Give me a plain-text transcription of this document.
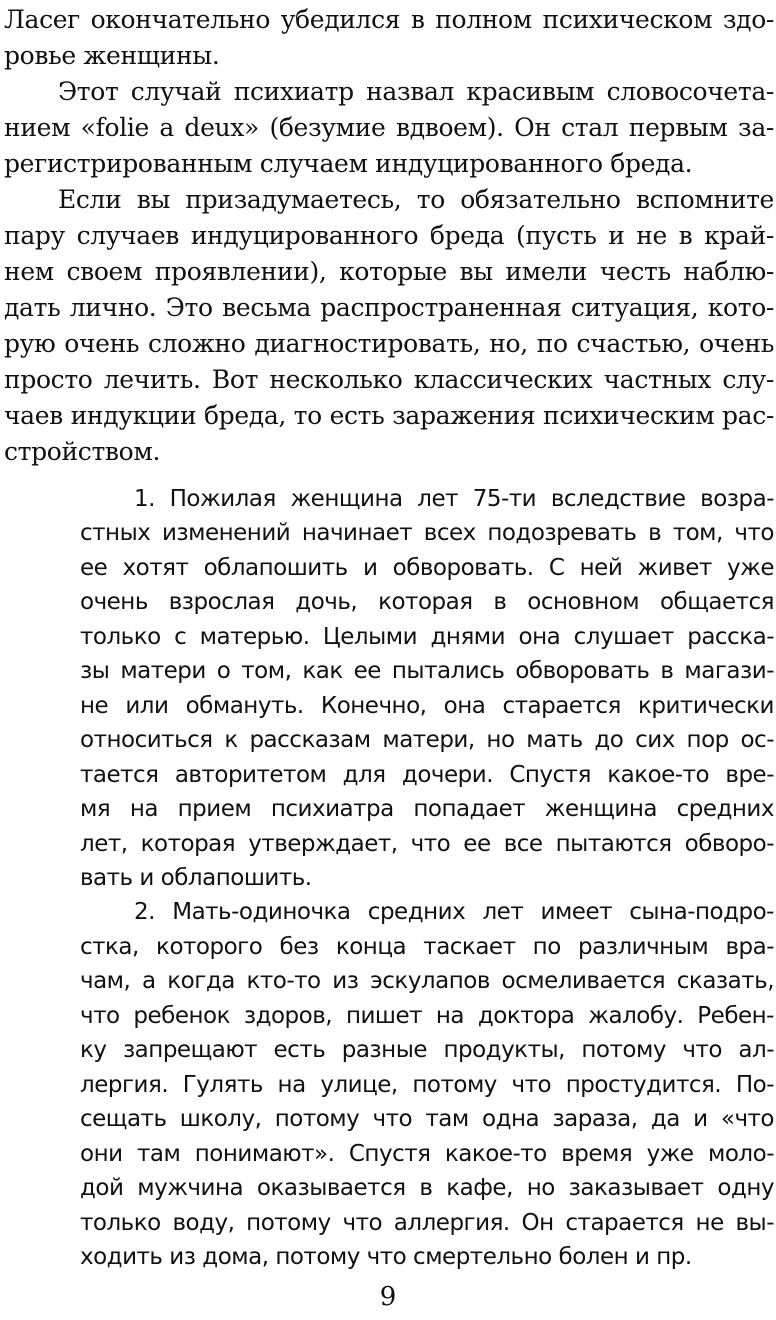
Ласег окончательно убедился в полном психическом здо-
ровье женщины.
Этот случай психиатр назвал красивым словосочета-
нием «folie a deux» (безумие вдвоем). Он стал первым за-
регистрированным случаем индуцированного бреда.
Если вы призадумаетесь, то обязательно вспомните
пару случаев индуцированного бреда (пусть и не в край-
нем своем проявлении), которые вы имели честь наблю-
дать лично. Это весьма распространенная ситуация, кото-
рую очень сложно диагностировать, но, по счастью, очень
просто лечить. Вот несколько классических частных слу-
чаев индукции бреда, то есть заражения психическим рас-
стройством.
1. Пожилая женщина лет 75-ти вследствие возра-
стных изменений начинает всех подозревать в том, что
ее хотят облапошить и обворовать. С ней живет уже
очень взрослая дочь, которая в основном общается
только с матерью. Целыми днями она слушает расска-
зы матери о том, как ее пытались обворовать в магази-
не или обмануть. Конечно, она старается критически
относиться к рассказам матери, но мать до сих пор ос-
тается авторитетом для дочери. Спустя какое-то вре-
мя на прием психиатра попадает женщина средних
лет, которая утверждает, что ее все пытаются обворо-
вать и облапошить.
2. Мать-одиночка средних лет имеет сына-подро-
стка, которого без конца таскает по различным вра-
чам, а когда кто-то из эскулапов осмеливается сказать,
что ребенок здоров, пишет на доктора жалобу. Ребен-
ку запрещают есть разные продукты, потому что ал-
лергия. Гулять на улице, потому что простудится. По-
сещать школу, потому что там одна зараза, да и «что
они там понимают». Спустя какое-то время уже моло-
дой мужчина оказывается в кафе, но заказывает одну
только воду, потому что аллергия. Он старается не вы-
ходить из дома, потому что смертельно болен и пр.
9
